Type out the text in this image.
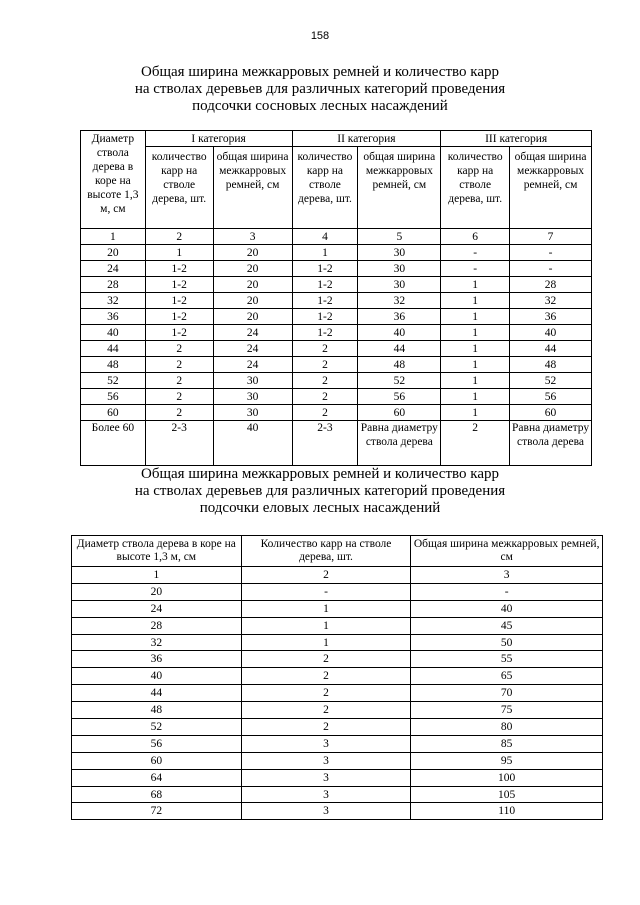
158
Общая ширина межкарровых ремней и количество карр
на стволах деревьев для различных категорий проведения
подсочки сосновых лесных насаждений
Диаметр ствола дерева в коре на высоте 1,3 м, см	I категория		II категория		III категория	
	количество карр на стволе дерева, шт.	общая ширина межкарровых ремней, см	количество карр на стволе дерева, шт.	общая ширина межкарровых ремней, см	количество карр на стволе дерева, шт.	общая ширина межкарровых ремней, см
1	2	3	4	5	6	7
20	1	20	1	30	-	-
24	1-2	20	1-2	30	-	-
28	1-2	20	1-2	30	1	28
32	1-2	20	1-2	32	1	32
36	1-2	20	1-2	36	1	36
40	1-2	24	1-2	40	1	40
44	2	24	2	44	1	44
48	2	24	2	48	1	48
52	2	30	2	52	1	52
56	2	30	2	56	1	56
60	2	30	2	60	1	60
Более 60	2-3	40	2-3	Равна диаметру ствола дерева	2	Равна диаметру ствола дерева
Общая ширина межкарровых ремней и количество карр
на стволах деревьев для различных категорий проведения
подсочки еловых лесных насаждений
Диаметр ствола дерева в коре на высоте 1,3 м, см	Количество карр на стволе дерева, шт.	Общая ширина межкарровых ремней, см
1	2	3
20	-	-
24	1	40
28	1	45
32	1	50
36	2	55
40	2	65
44	2	70
48	2	75
52	2	80
56	3	85
60	3	95
64	3	100
68	3	105
72	3	110
